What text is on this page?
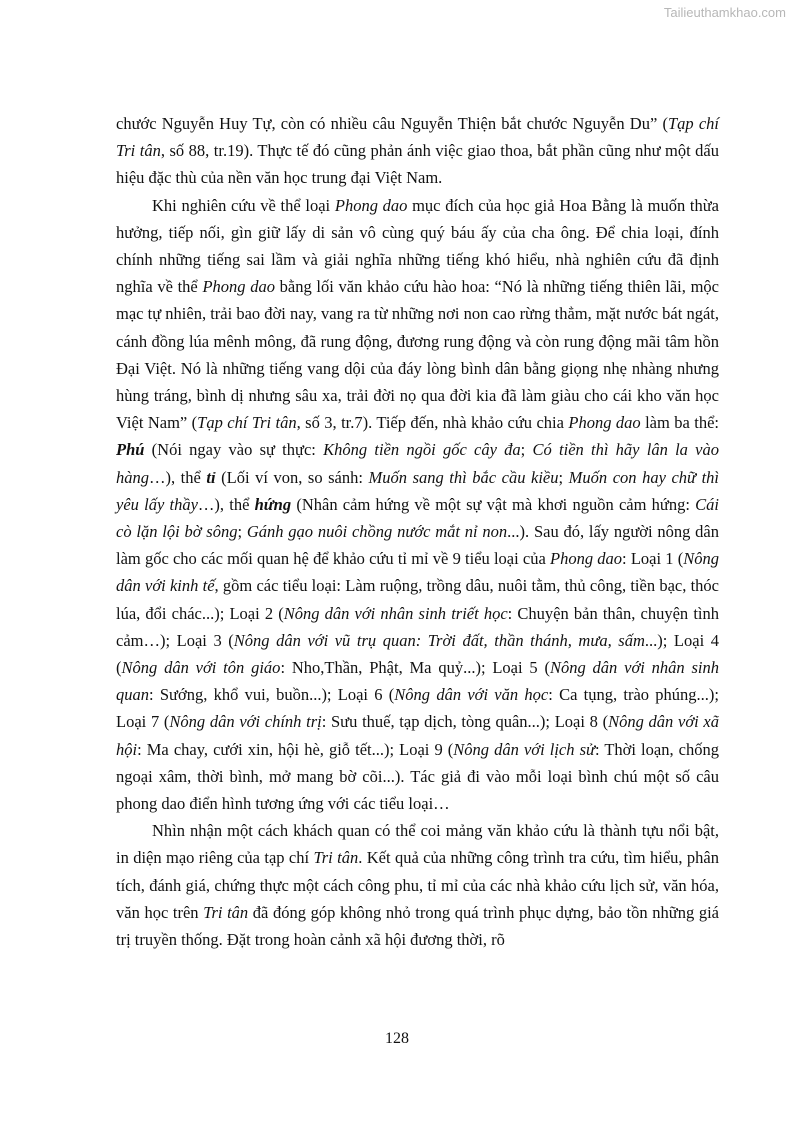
Tailieuthamkhao.com

chước Nguyễn Huy Tự, còn có nhiều câu Nguyễn Thiện bắt chước Nguyễn Du” (Tạp chí Tri tân, số 88, tr.19). Thực tế đó cũng phản ánh việc giao thoa, bắt phần cũng như một dấu hiệu đặc thù của nền văn học trung đại Việt Nam.

Khi nghiên cứu về thể loại Phong dao mục đích của học giả Hoa Bằng là muốn thừa hưởng, tiếp nối, gìn giữ lấy di sản vô cùng quý báu ấy của cha ông. Để chia loại, đính chính những tiếng sai lầm và giải nghĩa những tiếng khó hiểu, nhà nghiên cứu đã định nghĩa về thể Phong dao bằng lối văn khảo cứu hào hoa: “Nó là những tiếng thiên lãi, mộc mạc tự nhiên, trải bao đời nay, vang ra từ những nơi non cao rừng thẳm, mặt nước bát ngát, cánh đồng lúa mênh mông, đã rung động, đương rung động và còn rung động mãi tâm hồn Đại Việt. Nó là những tiếng vang dội của đáy lòng bình dân bằng giọng nhẹ nhàng nhưng hùng tráng, bình dị nhưng sâu xa, trải đời nọ qua đời kia đã làm giàu cho cái kho văn học Việt Nam” (Tạp chí Tri tân, số 3, tr.7). Tiếp đến, nhà khảo cứu chia Phong dao làm ba thể: Phú (Nói ngay vào sự thực: Không tiền ngồi gốc cây đa; Có tiền thì hãy lân la vào hàng…), thể tỉ (Lối ví von, so sánh: Muốn sang thì bắc cầu kiều; Muốn con hay chữ thì yêu lấy thầy…), thể hứng (Nhân cảm hứng về một sự vật mà khơi nguồn cảm hứng: Cái cò lặn lội bờ sông; Gánh gạo nuôi chồng nước mắt nỉ non...). Sau đó, lấy người nông dân làm gốc cho các mối quan hệ để khảo cứu tỉ mỉ về 9 tiểu loại của Phong dao: Loại 1 (Nông dân với kinh tế, gồm các tiểu loại: Làm ruộng, trồng dâu, nuôi tằm, thủ công, tiền bạc, thóc lúa, đổi chác...); Loại 2 (Nông dân với nhân sinh triết học: Chuyện bản thân, chuyện tình cảm…); Loại 3 (Nông dân với vũ trụ quan: Trời đất, thần thánh, mưa, sấm...); Loại 4 (Nông dân với tôn giáo: Nho,Thần, Phật, Ma quỷ...); Loại 5 (Nông dân với nhân sinh quan: Sướng, khổ vui, buồn...); Loại 6 (Nông dân với văn học: Ca tụng, trào phúng...); Loại 7 (Nông dân với chính trị: Sưu thuế, tạp dịch, tòng quân...); Loại 8 (Nông dân với xã hội: Ma chay, cưới xin, hội hè, giỗ tết...); Loại 9 (Nông dân với lịch sử: Thời loạn, chống ngoại xâm, thời bình, mở mang bờ cõi...). Tác giả đi vào mỗi loại bình chú một số câu phong dao điển hình tương ứng với các tiểu loại…

Nhìn nhận một cách khách quan có thể coi mảng văn khảo cứu là thành tựu nổi bật, in diện mạo riêng của tạp chí Tri tân. Kết quả của những công trình tra cứu, tìm hiểu, phân tích, đánh giá, chứng thực một cách công phu, tỉ mỉ của các nhà khảo cứu lịch sử, văn hóa, văn học trên Tri tân đã đóng góp không nhỏ trong quá trình phục dựng, bảo tồn những giá trị truyền thống. Đặt trong hoàn cảnh xã hội đương thời, rõ

128
